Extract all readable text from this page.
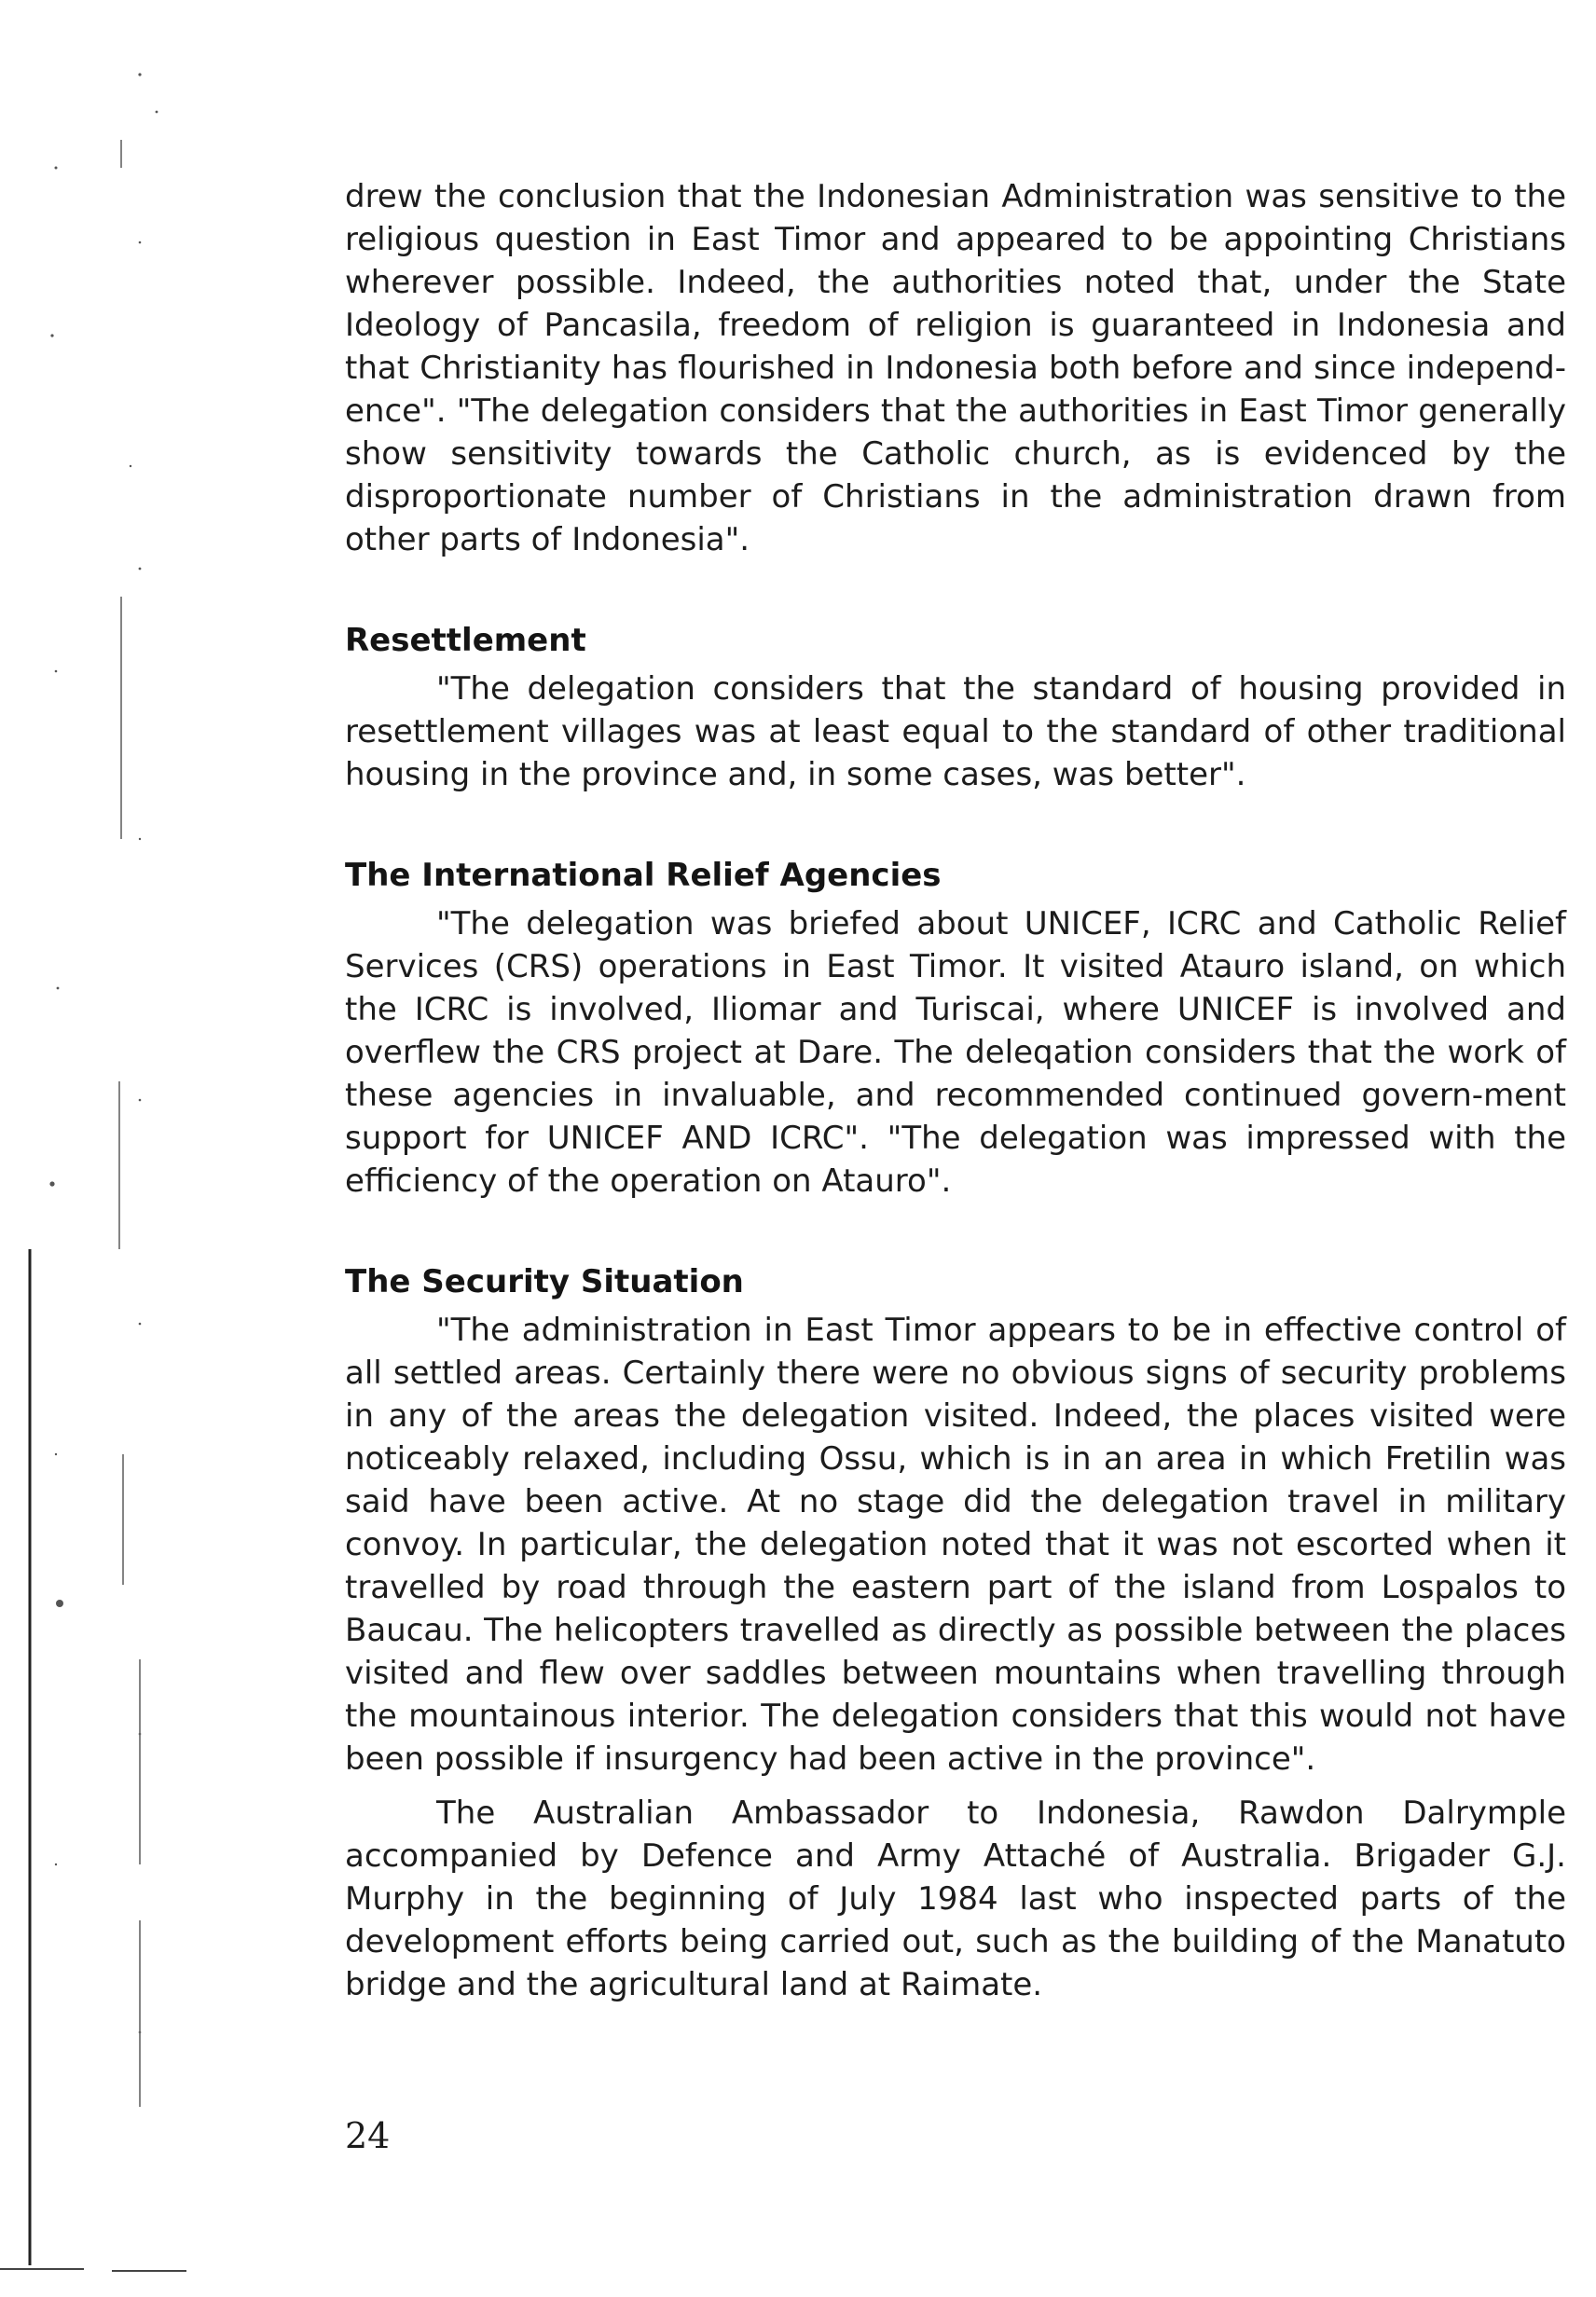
drew the conclusion that the Indonesian Administration was sensitive to the religious question in East Timor and appeared to be appointing Christians wherever possible. Indeed, the authorities noted that, under the State Ideology of Pancasila, freedom of religion is guaranteed in Indonesia and that Christianity has flourished in Indonesia both before and since independ-ence". "The delegation considers that the authorities in East Timor generally show sensitivity towards the Catholic church, as is evidenced by the disproportionate number of Christians in the administration drawn from other parts of Indonesia".

Resettlement

"The delegation considers that the standard of housing provided in resettlement villages was at least equal to the standard of other traditional housing in the province and, in some cases, was better".

The International Relief Agencies

"The delegation was briefed about UNICEF, ICRC and Catholic Relief Services (CRS) operations in East Timor. It visited Atauro island, on which the ICRC is involved, Iliomar and Turiscai, where UNICEF is involved and overflew the CRS project at Dare. The deleqation considers that the work of these agencies in invaluable, and recommended continued govern-ment support for UNICEF AND ICRC". "The delegation was impressed with the efficiency of the operation on Atauro".

The Security Situation

"The administration in East Timor appears to be in effective control of all settled areas. Certainly there were no obvious signs of security problems in any of the areas the delegation visited. Indeed, the places visited were noticeably relaxed, including Ossu, which is in an area in which Fretilin was said have been active. At no stage did the delegation travel in military convoy. In particular, the delegation noted that it was not escorted when it travelled by road through the eastern part of the island from Lospalos to Baucau. The helicopters travelled as directly as possible between the places visited and flew over saddles between mountains when travelling through the mountainous interior. The delegation considers that this would not have been possible if insurgency had been active in the province".

The Australian Ambassador to Indonesia, Rawdon Dalrymple accompanied by Defence and Army Attaché of Australia. Brigader G.J. Murphy in the beginning of July 1984 last who inspected parts of the development efforts being carried out, such as the building of the Manatuto bridge and the agricultural land at Raimate.

24
